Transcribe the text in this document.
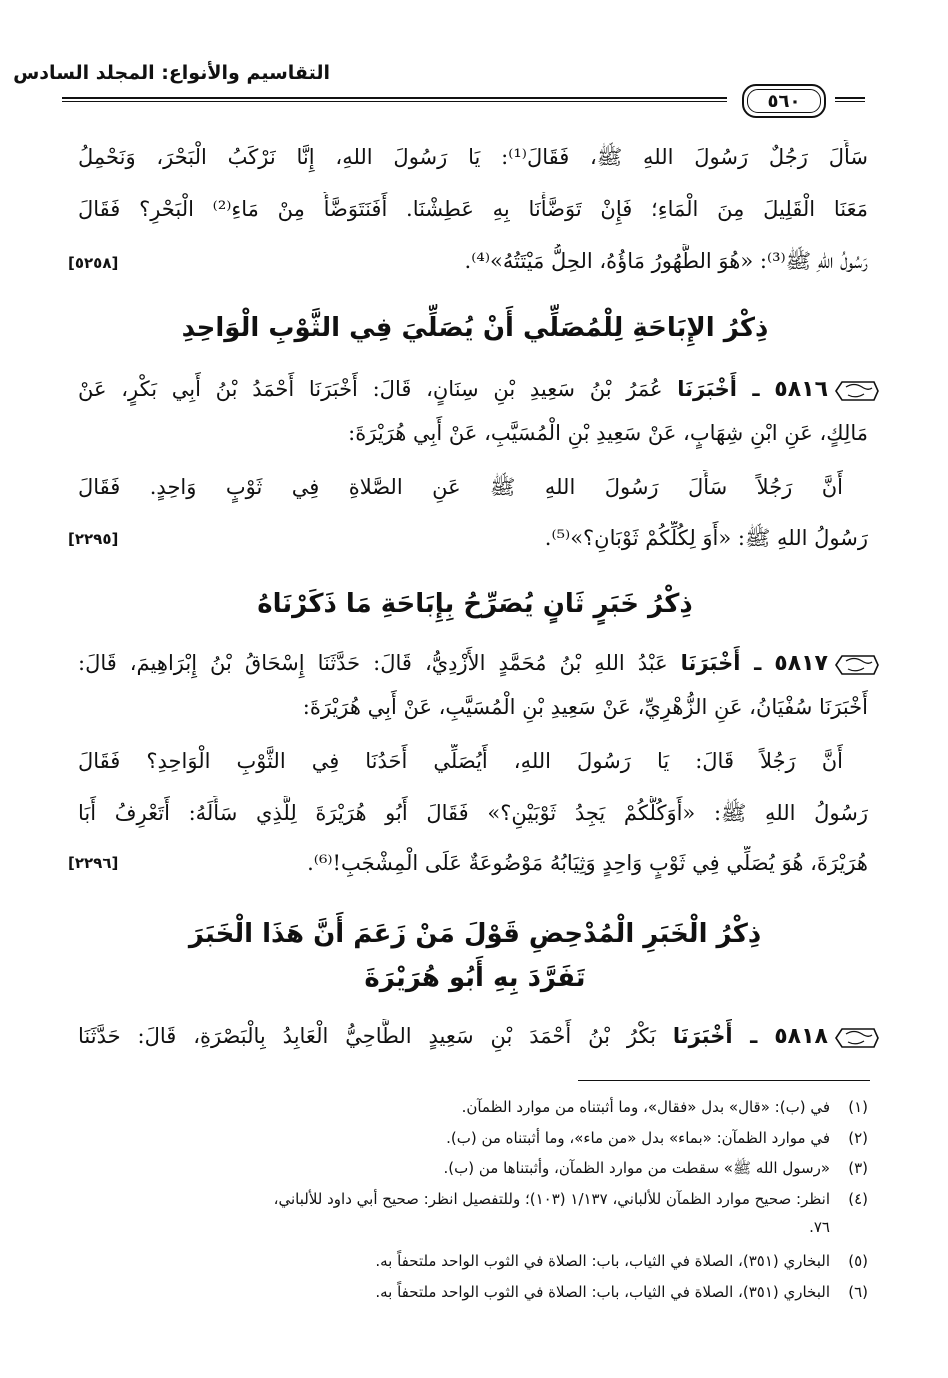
التقاسيم والأنواع: المجلد السادس
٥٦٠
سَأَلَ رَجُلٌ رَسُولَ اللهِ ﷺ، فَقَالَ⁽¹⁾: يَا رَسُولَ اللهِ، إِنَّا نَرْكَبُ الْبَحْرَ، وَنَحْمِلُ
مَعَنَا الْقَلِيلَ مِنَ الْمَاءِ؛ فَإِنْ تَوَضَّأْنَا بِهِ عَطِشْنَا. أَفَنَتَوَضَّأُ مِنْ مَاءِ⁽²⁾ الْبَحْرِ؟ فَقَالَ
رَسُولُ اللهِ ﷺ⁽³⁾: «هُوَ الطَّهُورُ مَاؤُهُ، الحِلُّ مَيْتَتُهُ»⁽⁴⁾.
[٥٢٥٨]
ذِكْرُ الإِبَاحَةِ لِلْمُصَلِّي أَنْ يُصَلِّيَ فِي الثَّوْبِ الْوَاحِدِ
٥٨١٦ ـ أَخْبَرَنَا عُمَرُ بْنُ سَعِيدِ بْنِ سِنَانٍ، قَالَ: أَخْبَرَنَا أَحْمَدُ بْنُ أَبِي بَكْرٍ، عَنْ
مَالِكٍ، عَنِ ابْنِ شِهَابٍ، عَنْ سَعِيدِ بْنِ الْمُسَيَّبِ، عَنْ أَبِي هُرَيْرَةَ:
أَنَّ رَجُلاً سَأَلَ رَسُولَ اللهِ ﷺ عَنِ الصَّلاةِ فِي ثَوْبٍ وَاحِدٍ. فَقَالَ
رَسُولُ اللهِ ﷺ: «أَوَ لِكُلِّكُمْ ثَوْبَانِ؟»⁽⁵⁾.
[٢٢٩٥]
ذِكْرُ خَبَرٍ ثَانٍ يُصَرِّحُ بِإِبَاحَةِ مَا ذَكَرْنَاهُ
٥٨١٧ ـ أَخْبَرَنَا عَبْدُ اللهِ بْنُ مُحَمَّدٍ الأَزْدِيُّ، قَالَ: حَدَّثَنَا إِسْحَاقُ بْنُ إِبْرَاهِيمَ، قَالَ:
أَخْبَرَنَا سُفْيَانُ، عَنِ الزُّهْرِيِّ، عَنْ سَعِيدِ بْنِ الْمُسَيَّبِ، عَنْ أَبِي هُرَيْرَةَ:
أَنَّ رَجُلاً قَالَ: يَا رَسُولَ اللهِ، أَيُصَلِّي أَحَدُنَا فِي الثَّوْبِ الْوَاحِدِ؟ فَقَالَ
رَسُولُ اللهِ ﷺ: «أَوَكُلُّكُمْ يَجِدُ ثَوْبَيْنِ؟» فَقَالَ أَبُو هُرَيْرَةَ لِلَّذِي سَأَلَهُ: أَتَعْرِفُ أَبَا
هُرَيْرَةَ، هُوَ يُصَلِّي فِي ثَوْبٍ وَاحِدٍ وَثِيَابُهُ مَوْضُوعَةٌ عَلَى الْمِشْجَبِ!⁽⁶⁾.
[٢٢٩٦]
ذِكْرُ الْخَبَرِ الْمُدْحِضِ قَوْلَ مَنْ زَعَمَ أَنَّ هَذَا الْخَبَرَ
تَفَرَّدَ بِهِ أَبُو هُرَيْرَةَ
٥٨١٨ ـ أَخْبَرَنَا بَكْرُ بْنُ أَحْمَدَ بْنِ سَعِيدٍ الطَّاحِيُّ الْعَابِدُ بِالْبَصْرَةِ، قَالَ: حَدَّثَنَا
(١)في (ب): «قال» بدل «فقال»، وما أثبتناه من موارد الظمآن.
(٢)في موارد الظمآن: «بماء» بدل «من ماء»، وما أثبتناه من (ب).
(٣)«رسول الله ﷺ» سقطت من موارد الظمآن، وأثبتناها من (ب).
(٤)انظر: صحيح موارد الظمآن للألباني، ١/١٣٧ (١٠٣)؛ وللتفصيل انظر: صحيح أبي داود للألباني،
٧٦.
(٥)البخاري (٣٥١)، الصلاة في الثياب، باب: الصلاة في الثوب الواحد ملتحفاً به.
(٦)البخاري (٣٥١)، الصلاة في الثياب، باب: الصلاة في الثوب الواحد ملتحفاً به.
